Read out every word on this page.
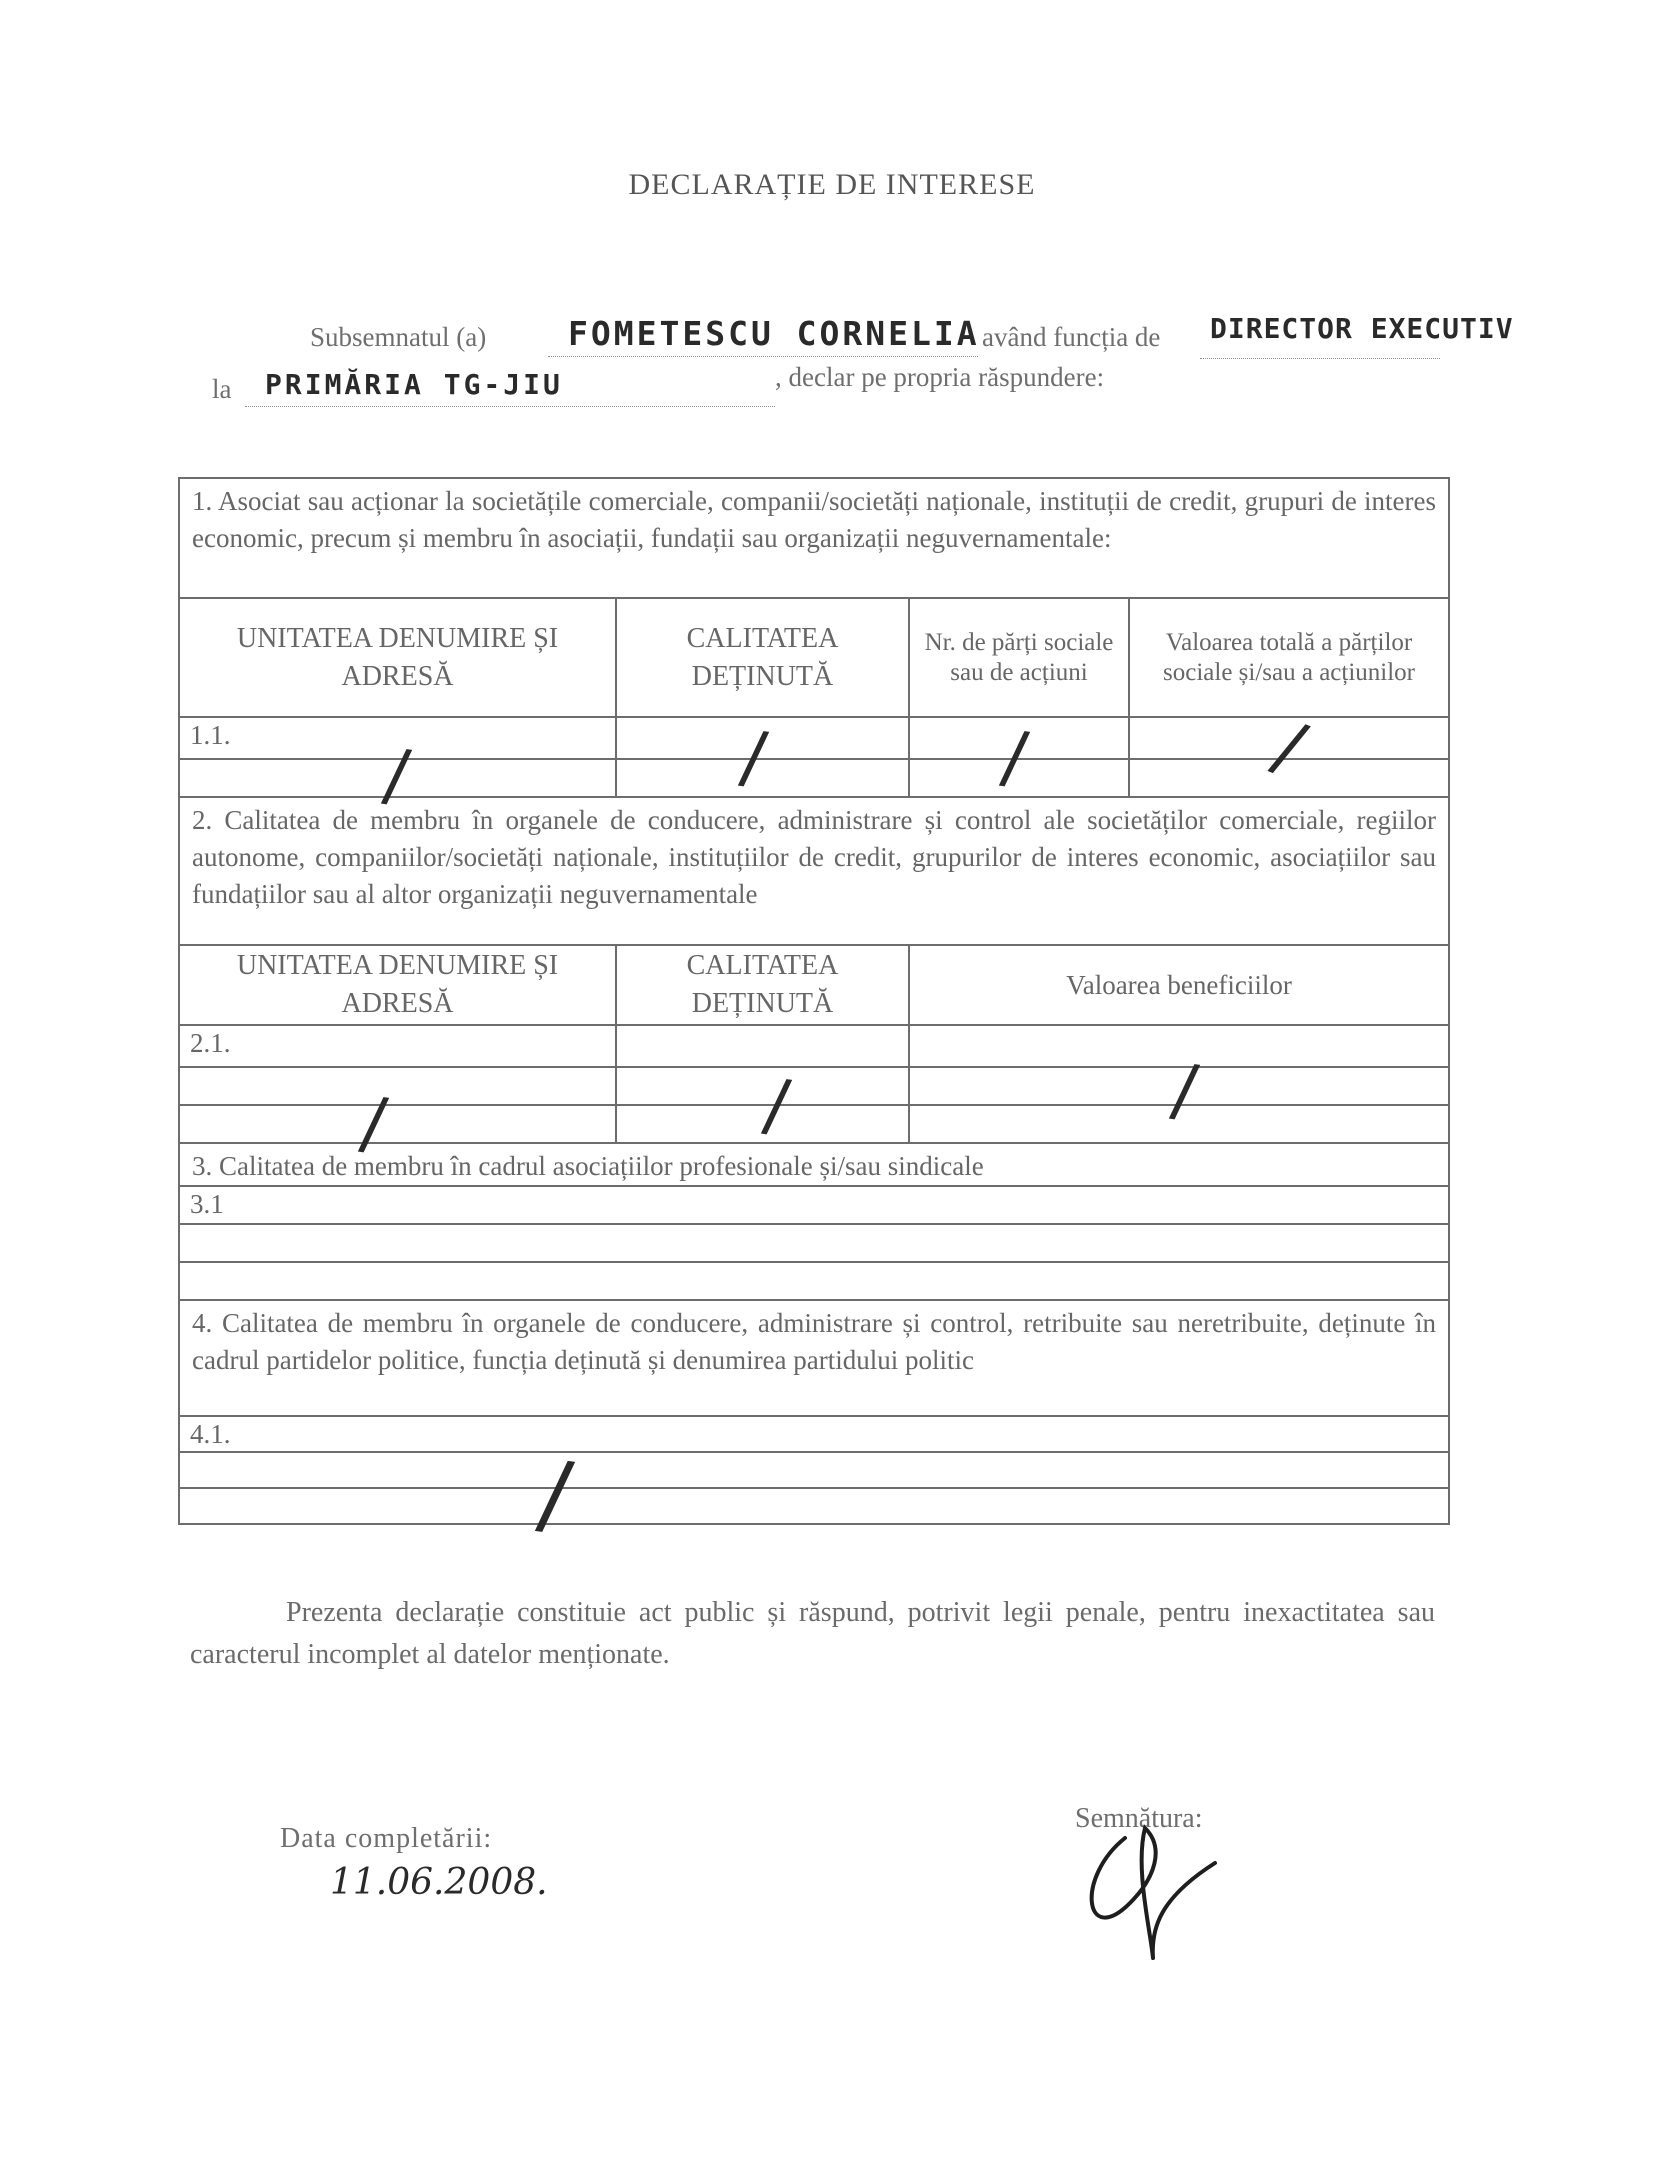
DECLARAȚIE DE INTERESE
Subsemnatul (a) FOMETESCU CORNELIA având funcția de DIRECTOR EXECUTIV
la PRIMĂRIA TG-JIU	, declar pe propria răspundere:
1. Asociat sau acționar la societățile comerciale, companii/societăți naționale, instituții de credit, grupuri de interes economic, precum și membru în asociații, fundații sau organizații neguvernamentale:			
UNITATEA DENUMIRE ȘI ADRESĂ	CALITATEA DEȚINUTĂ	Nr. de părți sociale sau de acțiuni	Valoarea totală a părților sociale și/sau a acțiunilor
1.1.			

2. Calitatea de membru în organele de conducere, administrare și control ale societăților comerciale, regiilor autonome, companiilor/societăți naționale, instituțiilor de credit, grupurilor de interes economic, asociațiilor sau fundațiilor sau al altor organizații neguvernamentale			
UNITATEA DENUMIRE ȘI ADRESĂ	CALITATEA DEȚINUTĂ	Valoarea beneficiilor	
2.1.			

3. Calitatea de membru în cadrul asociațiilor profesionale și/sau sindicale			
3.1			

4. Calitatea de membru în organele de conducere, administrare și control, retribuite sau neretribuite, deținute în cadrul partidelor politice, funcția deținută și denumirea partidului politic			
4.1.			

/	/	/	/
/	/	/
/
Prezenta declarație constituie act public și răspund, potrivit legii penale, pentru inexactitatea sau caracterul incomplet al datelor menționate.
Data completării:
11.06.2008.
Semnătura:
